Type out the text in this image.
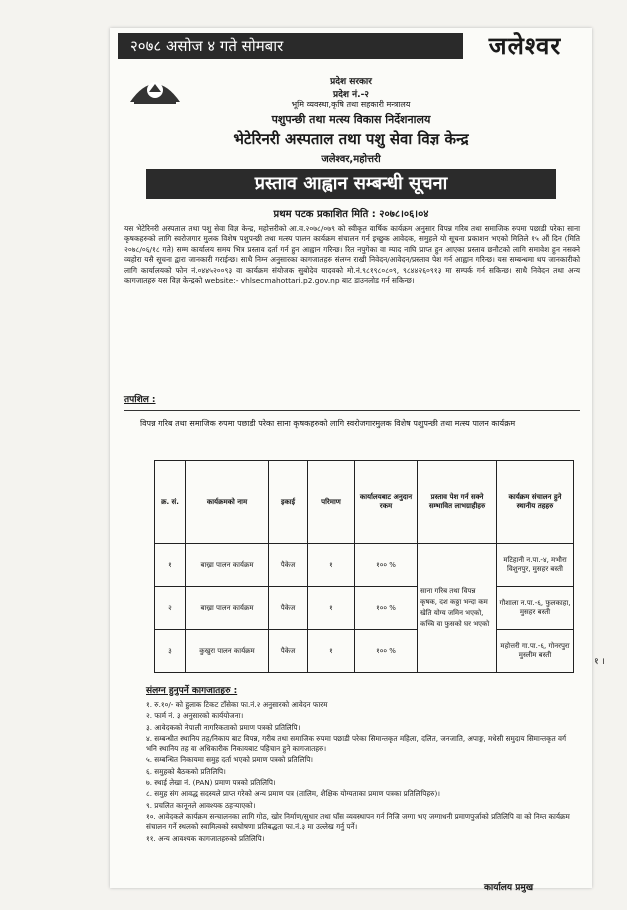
२०७८ असोज ४ गते सोमबार	जलेश्वर
प्रदेश सरकार
प्रदेश नं.-२
भूमि व्यवस्था,कृषि तथा सहकारी मन्त्रालय
पशुपन्छी तथा मत्स्य विकास निर्देशनालय
भेटेरिनरी अस्पताल तथा पशु सेवा विज्ञ केन्द्र
जलेश्वर,महोत्तरी
प्रस्ताव आह्वान सम्बन्धी सूचना
प्रथम पटक प्रकाशित मिति : २०७८।०६।०४
यस भेटेरिनरी अस्पताल तथा पशु सेवा विज्ञ केन्द्र, महोत्तरीको आ.व.२०७८/०७९ को स्वीकृत वार्षिक कार्यक्रम अनुसार विपन्न गरिब तथा समाजिक रुपमा पछाडी परेका साना कृषकहरुको लागि स्वरोजगार मुलक विशेष पशुपन्छी तथा मत्स्य पालन कार्यक्रम संचालन गर्न इच्छुक आवेदक, समुहले यो सूचना प्रकाशन भएको मितिले १५ औं दिन (मिति २०७८/०६/१८ गते) सम्म कार्यालय समय भित्र प्रस्ताव दर्ता गर्न हुन आह्वान गरिन्छ। रित नपुगेका वा म्याद नाघि प्राप्त हुन आएका प्रस्ताव छनौटको लागि समावेश हुन नसक्ने व्यहोरा यसै सूचना द्वारा जानकारी गराईन्छ। साथै निम्न अनुसारका कागजातहरु संलग्न राखी निवेदन/आवेदन/प्रस्ताव पेश गर्न आह्वान गरिन्छ। यस सम्बन्धमा थप जानकारीको लागि कार्यालयको फोन नं.०४४५२००९३ वा कार्यक्रम संयोजक सुबोदेव यादवको मो.नं.९८१९८०८०९, ९८४४२६०९१३ मा सम्पर्क गर्न सकिन्छ। साथै निवेदन तथा अन्य कागजातहरु यस विज्ञ केन्द्रको website:- vhlsecmahottari.p2.gov.np बाट डाउनलोड गर्न सकिन्छ।
तपशिल :
विपन्न गरिब तथा समाजिक रुपमा पछाडी परेका साना कृषकहरुको लागि स्वरोजगारमुलक विशेष पशुपन्छी तथा मत्स्य पालन कार्यक्रम
क्र. सं.	कार्यक्रमको नाम	इकाई	परिमाण	कार्यालयबाट अनुदान रकम	प्रस्ताव पेश गर्न सक्ने सम्भावित लाभग्राहीहरु	कार्यक्रम संचालन हुने स्थानीय तहहरु
१	बाख्रा पालन कार्यक्रम	पैकेज	१	१०० %	साना गरिब तथा विपन्न कृषक, दश कठ्ठा भन्दा कम खेति योग्य जमिन भएको, कच्चि वा फुसको घर भएको	मटिहानी न.पा.-४, मभौरा विशुनपुर, मुसहर बस्ती
२	बाख्रा पालन कार्यक्रम	पैकेज	१	१०० %		गौशाला न.पा.-६, फुलकाहा, मुसहर बस्ती
३	कुखुरा पालन कार्यक्रम	पैकेज	१	१०० %		महोत्तरी गा.पा.-६, गोनरपुरा मुस्लीम बस्ती
संलग्न हुनुपर्ने कागजातहरु :
१. रु.१०/- को हुलाक टिकट टाँसेका फा.नं.२ अनुसारको आवेदन फारम
२. फार्म नं. ३ अनुसारको कार्ययोजना।
३. आवेदकको नेपाली नागरिकताको प्रमाण पत्रको प्रतिलिपि।
४. सम्बन्धीत स्थानिय तह/निकाय बाट विपन्न, गरीब तथा समाजिक रुपमा पछाडी परेका सिमान्तकृत महिला, दलित, जनजाति, अपाङ्ग, मधेसी समुदाय सिमान्तकृत वर्ग भनि स्थानिय तह वा अधिकारीक निकायबाट पहिचान हुने कागजातहरु।
५. सम्बन्धित निकायमा समुह दर्ता भएको प्रमाण पत्रको प्रतिलिपि।
६. समुहको बैठकको प्रतिलिपि।
७. स्थाई लेखा नं. (PAN) प्रमाण पत्रको प्रतिलिपि।
८. समुह संग आवद्ध सदस्यले प्राप्त गरेको अन्य प्रमाण पत्र (तालिम, शैक्षिक योग्यताका प्रमाण पत्रका प्रतिलिपिहरु)।
९. प्रचलित कानूनले आवश्यक ठहऱ्याएको।
१०. आवेदकले कार्यक्रम सन्चालनका लागि गोठ, खोर निर्माण/सुधार तथा घाँस व्यवस्थापन गर्न निजि जग्गा भए जग्गाधनी प्रमाणपुर्जाको प्रतिलिपि वा को निम्त कार्यक्रम संचालन गर्ने स्थलको स्वामित्वको स्वघोषणा प्रतिबद्धता फा.नं.३ मा उल्लेख गर्नु पर्ने।
११. अन्य आवश्यक कागजातहरुको प्रतिलिपि।
कार्यालय प्रमुख
१ ।
